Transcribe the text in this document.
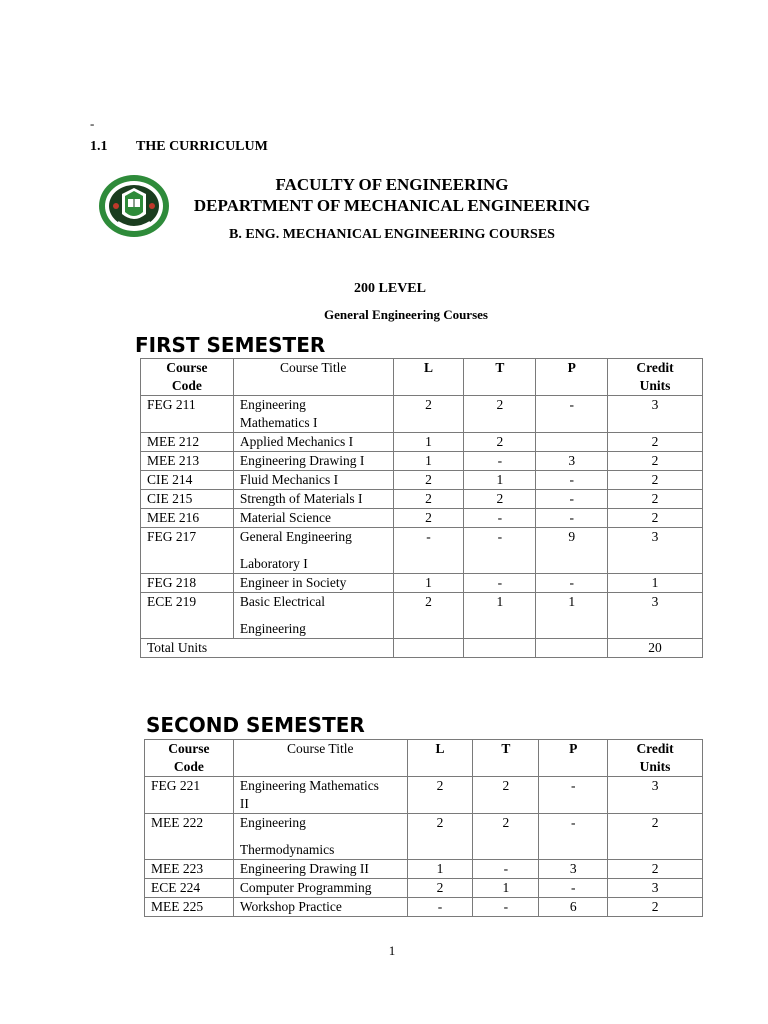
-
1.1 THE CURRICULUM
FACULTY OF ENGINEERING
DEPARTMENT OF MECHANICAL ENGINEERING
B. ENG. MECHANICAL ENGINEERING COURSES
200 LEVEL
General Engineering Courses
FIRST SEMESTER
Course
Code	Course Title	L	T	P	Credit
Units
FEG 211	Engineering
Mathematics I	2	2	-	3
MEE 212	Applied Mechanics I	1	2		2
MEE 213	Engineering Drawing I	1	-	3	2
CIE 214	Fluid Mechanics I	2	1	-	2
CIE 215	Strength of Materials I	2	2	-	2
MEE 216	Material Science	2	-	-	2
FEG 217	General Engineering
Laboratory I	-	-	9	3
FEG 218	Engineer in Society	1	-	-	1
ECE 219	Basic Electrical
Engineering	2	1	1	3
Total Units					20
SECOND SEMESTER
Course
Code	Course Title	L	T	P	Credit
Units
FEG 221	Engineering Mathematics
II	2	2	-	3
MEE 222	Engineering
Thermodynamics	2	2	-	2
MEE 223	Engineering Drawing II	1	-	3	2
ECE 224	Computer Programming	2	1	-	3
MEE 225	Workshop Practice	-	-	6	2
1
